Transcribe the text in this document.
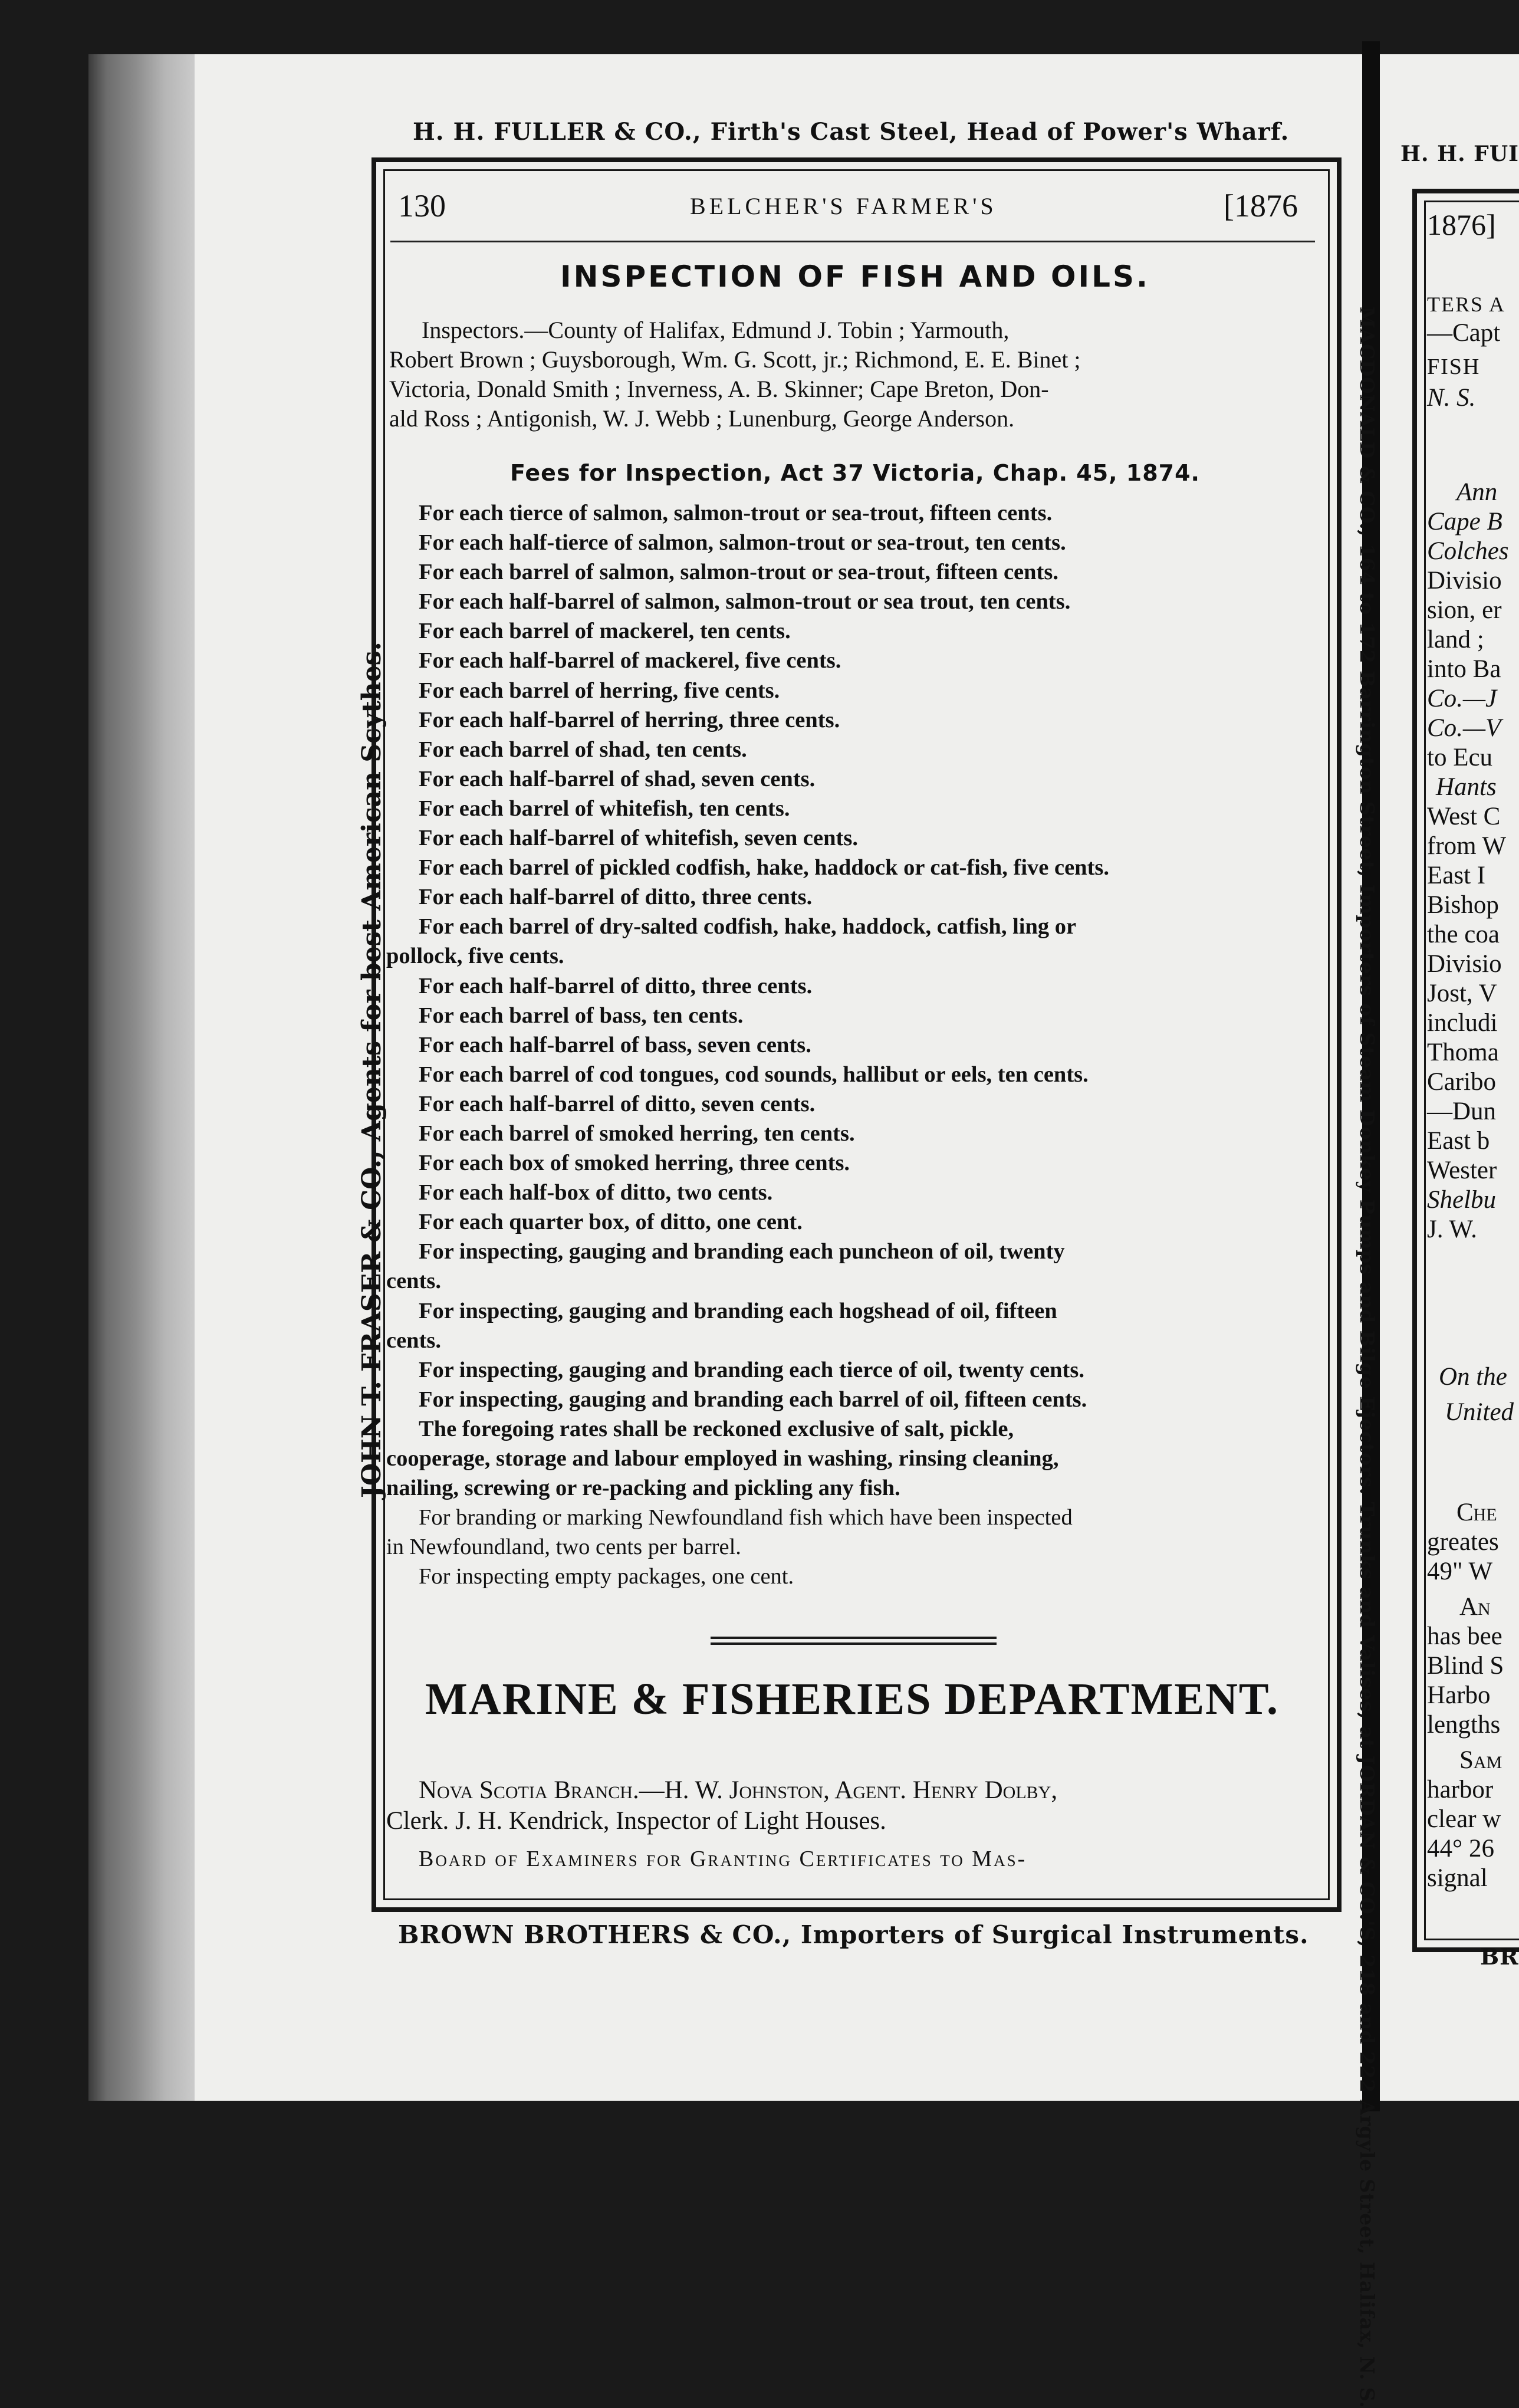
H. H. FULLER & CO., Firth's Cast Steel, Head of Power's Wharf.
JOHN T. FRASER & CO., Agents for best American Scythes.	MACDONALD & CO., 164 to 172 Barrington Street, Importers of Steam Donkey Pumps and Bilge Ejectors. Trunks and Valises, at JORDAN & CO.'S, 218 and 222 Argyle Street, Halifax, N. S.
130	BELCHER'S FARMER'S	[1876
INSPECTION OF FISH AND OILS.
Inspectors.—County of Halifax, Edmund J. Tobin ; Yarmouth,
Robert Brown ; Guysborough, Wm. G. Scott, jr.; Richmond, E. E. Binet ;
Victoria, Donald Smith ; Inverness, A. B. Skinner; Cape Breton, Don-
ald Ross ; Antigonish, W. J. Webb ; Lunenburg, George Anderson.
Fees for Inspection, Act 37 Victoria, Chap. 45, 1874.
For each tierce of salmon, salmon-trout or sea-trout, fifteen cents.
For each half-tierce of salmon, salmon-trout or sea-trout, ten cents.
For each barrel of salmon, salmon-trout or sea-trout, fifteen cents.
For each half-barrel of salmon, salmon-trout or sea trout, ten cents.
For each barrel of mackerel, ten cents.
For each half-barrel of mackerel, five cents.
For each barrel of herring, five cents.
For each half-barrel of herring, three cents.
For each barrel of shad, ten cents.
For each half-barrel of shad, seven cents.
For each barrel of whitefish, ten cents.
For each half-barrel of whitefish, seven cents.
For each barrel of pickled codfish, hake, haddock or cat-fish, five cents.
For each half-barrel of ditto, three cents.
For each barrel of dry-salted codfish, hake, haddock, catfish, ling or
pollock, five cents.
For each half-barrel of ditto, three cents.
For each barrel of bass, ten cents.
For each half-barrel of bass, seven cents.
For each barrel of cod tongues, cod sounds, hallibut or eels, ten cents.
For each half-barrel of ditto, seven cents.
For each barrel of smoked herring, ten cents.
For each box of smoked herring, three cents.
For each half-box of ditto, two cents.
For each quarter box, of ditto, one cent.
For inspecting, gauging and branding each puncheon of oil, twenty
cents.
For inspecting, gauging and branding each hogshead of oil, fifteen
cents.
For inspecting, gauging and branding each tierce of oil, twenty cents.
For inspecting, gauging and branding each barrel of oil, fifteen cents.
The foregoing rates shall be reckoned exclusive of salt, pickle,
cooperage, storage and labour employed in washing, rinsing cleaning,
nailing, screwing or re-packing and pickling any fish.
For branding or marking Newfoundland fish which have been inspected
in Newfoundland, two cents per barrel.
For inspecting empty packages, one cent.
MARINE & FISHERIES DEPARTMENT.
Nova Scotia Branch.—H. W. Johnston, Agent. Henry Dolby,
Clerk. J. H. Kendrick, Inspector of Light Houses.
Board of Examiners for Granting Certificates to Mas-
BROWN BROTHERS & CO., Importers of Surgical Instruments.
H. H. FUI
1876]
TERS A
—Capt
FISH
N. S.
Ann
Cape B
Colches
Divisio
sion, er
land ;
into Ba
Co.—J
Co.—V
to Ecu
Hants
West C
from W
East I
Bishop
the coa
Divisio
Jost, V
includi
Thoma
Caribo
—Dun
East b
Wester
Shelbu
J. W.
On the
United
Che
greates
49" W
An
has bee
Blind S
Harbo
lengths
Sam
harbor
clear w
44° 26
signal
BR
